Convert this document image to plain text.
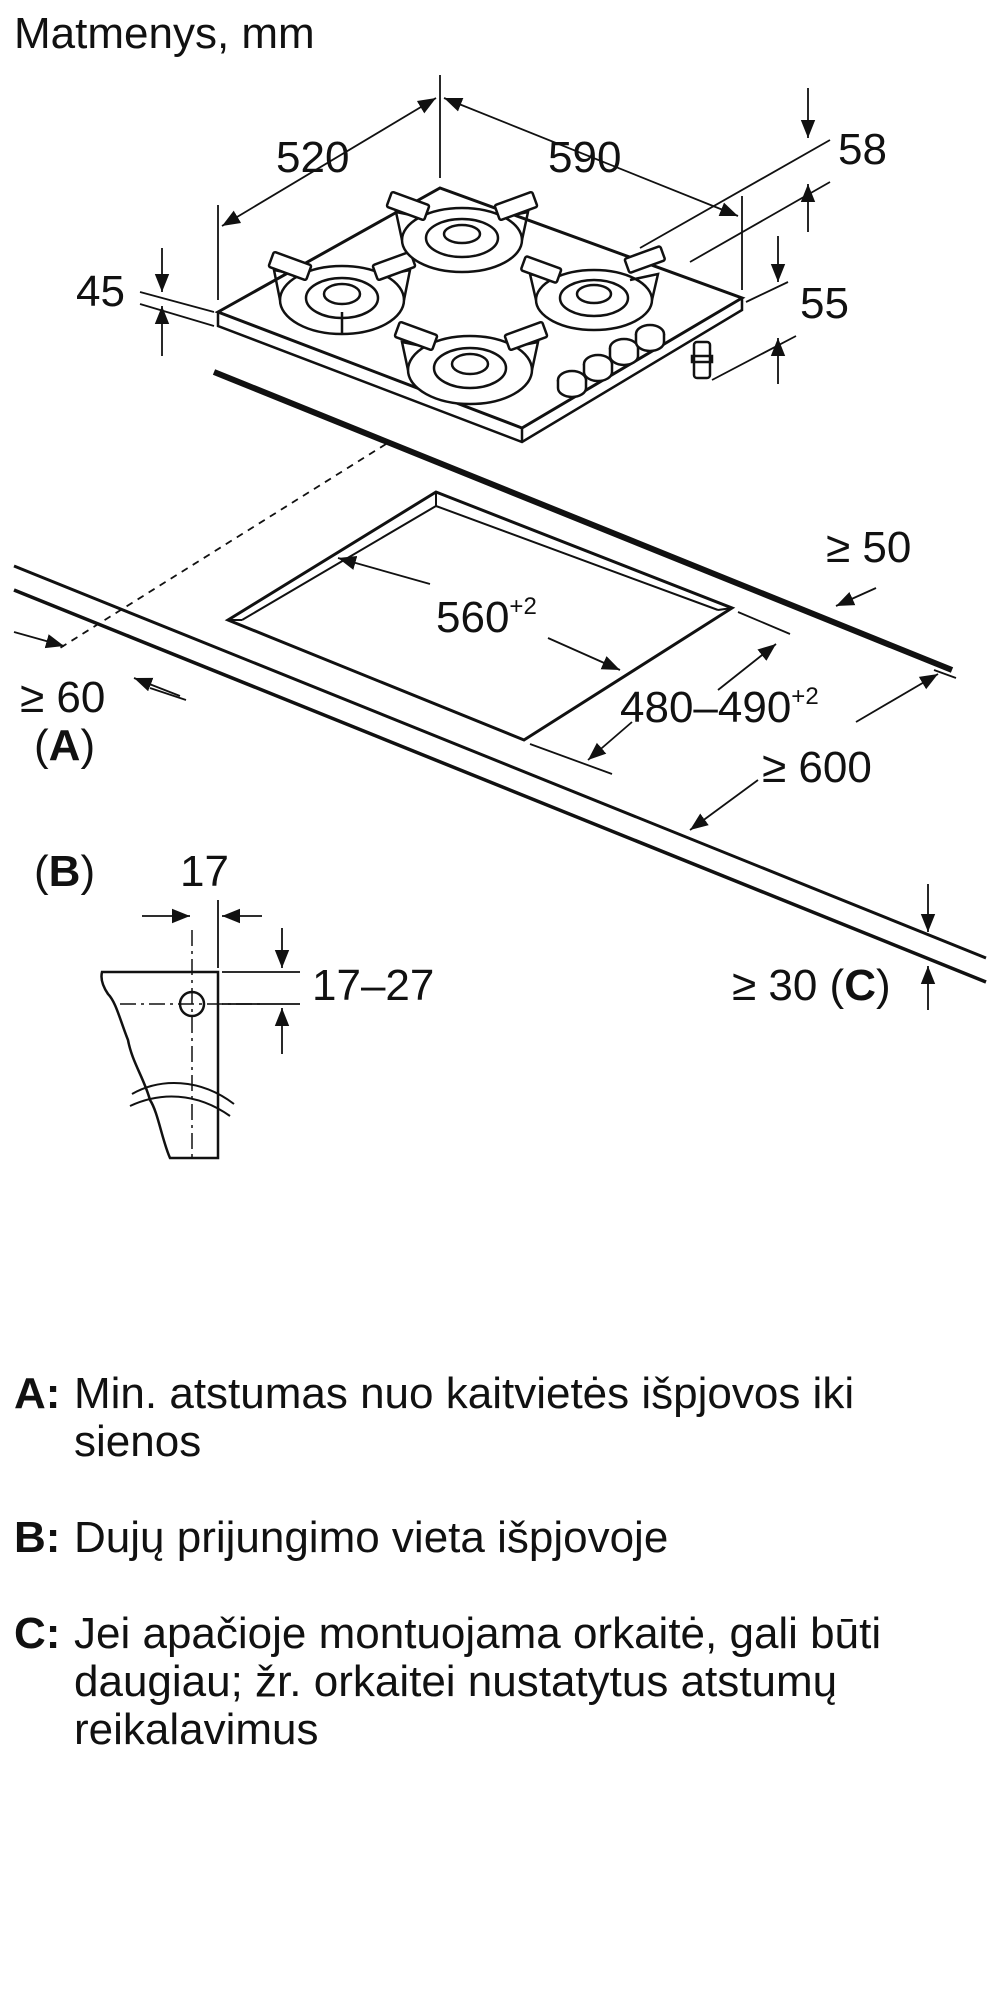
Matmenys, mm
520	590	58
45	55
$560^{+2}$
$480-490^{+2}$
≥ 50
≥ 60
(A)	≥ 600
≥ 30 (C)
(B) 17
17–27
A: Min. atstumas nuo kaitvietės išpjovos iki sienos
B: Dujų prijungimo vieta išpjovoje
C: Jei apačioje montuojama orkaitė, gali būti daugiau; žr. orkaitei nustatytus atstumų reikalavimus
